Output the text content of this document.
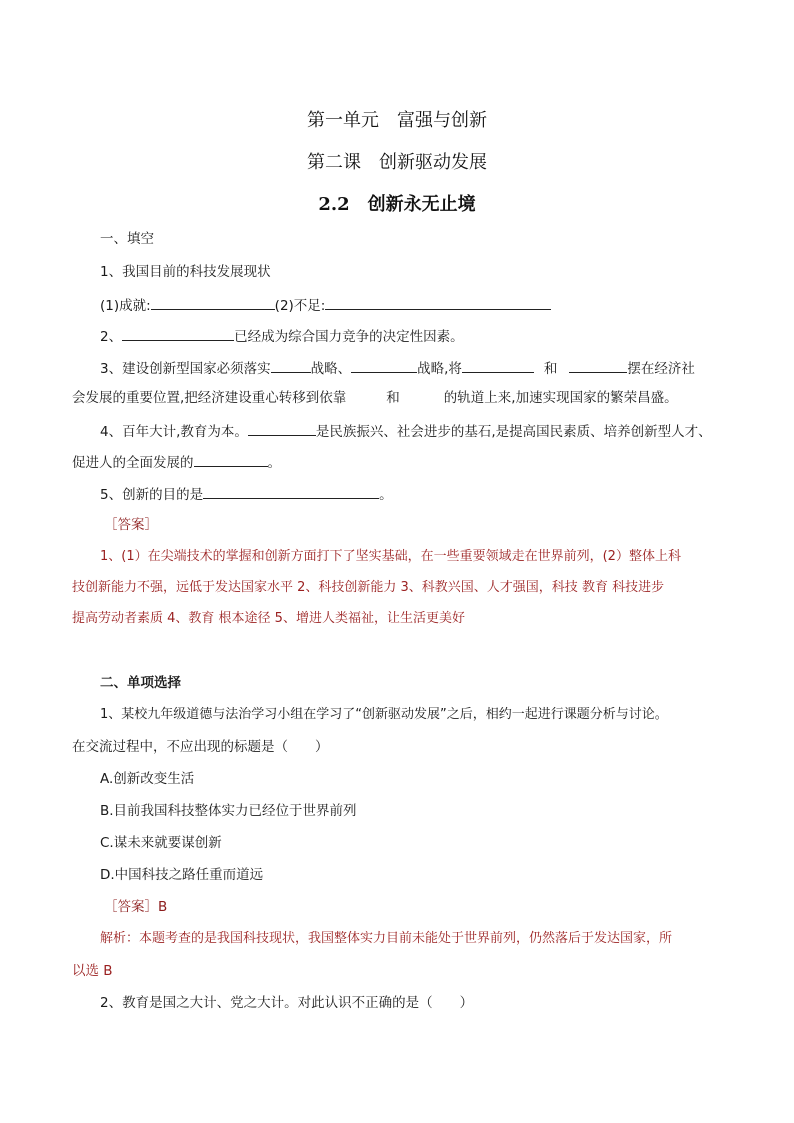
第一单元　富强与创新
第二课　创新驱动发展
2.2　创新永无止境
一、填空
1、我国目前的科技发展现状
(1)成就:	(2)不足:
2、	已经成为综合国力竞争的决定性因素。
3、建设创新型国家必须落实	战略、	战略,将	和	摆在经济社
会发展的重要位置,把经济建设重心转移到依靠	和	的轨道上来,加速实现国家的繁荣昌盛。
4、百年大计,教育为本。	是民族振兴、社会进步的基石,是提高国民素质、培养创新型人才、
促进人的全面发展的	。
5、创新的目的是	。
［答案］
1、(1）在尖端技术的掌握和创新方面打下了坚实基础，在一些重要领域走在世界前列，(2）整体上科
技创新能力不强，远低于发达国家水平 2、科技创新能力 3、科教兴国、人才强国，科技 教育 科技进步
提高劳动者素质 4、教育 根本途径 5、增进人类福祉，让生活更美好
二、单项选择
1、某校九年级道德与法治学习小组在学习了“创新驱动发展”之后，相约一起进行课题分析与讨论。
在交流过程中，不应出现的标题是（　　）
A.创新改变生活
B.目前我国科技整体实力已经位于世界前列
C.谋未来就要谋创新
D.中国科技之路任重而道远
［答案］B
解析：本题考查的是我国科技现状，我国整体实力目前未能处于世界前列，仍然落后于发达国家，所
以选 B
2、教育是国之大计、党之大计。对此认识不正确的是（　　）
